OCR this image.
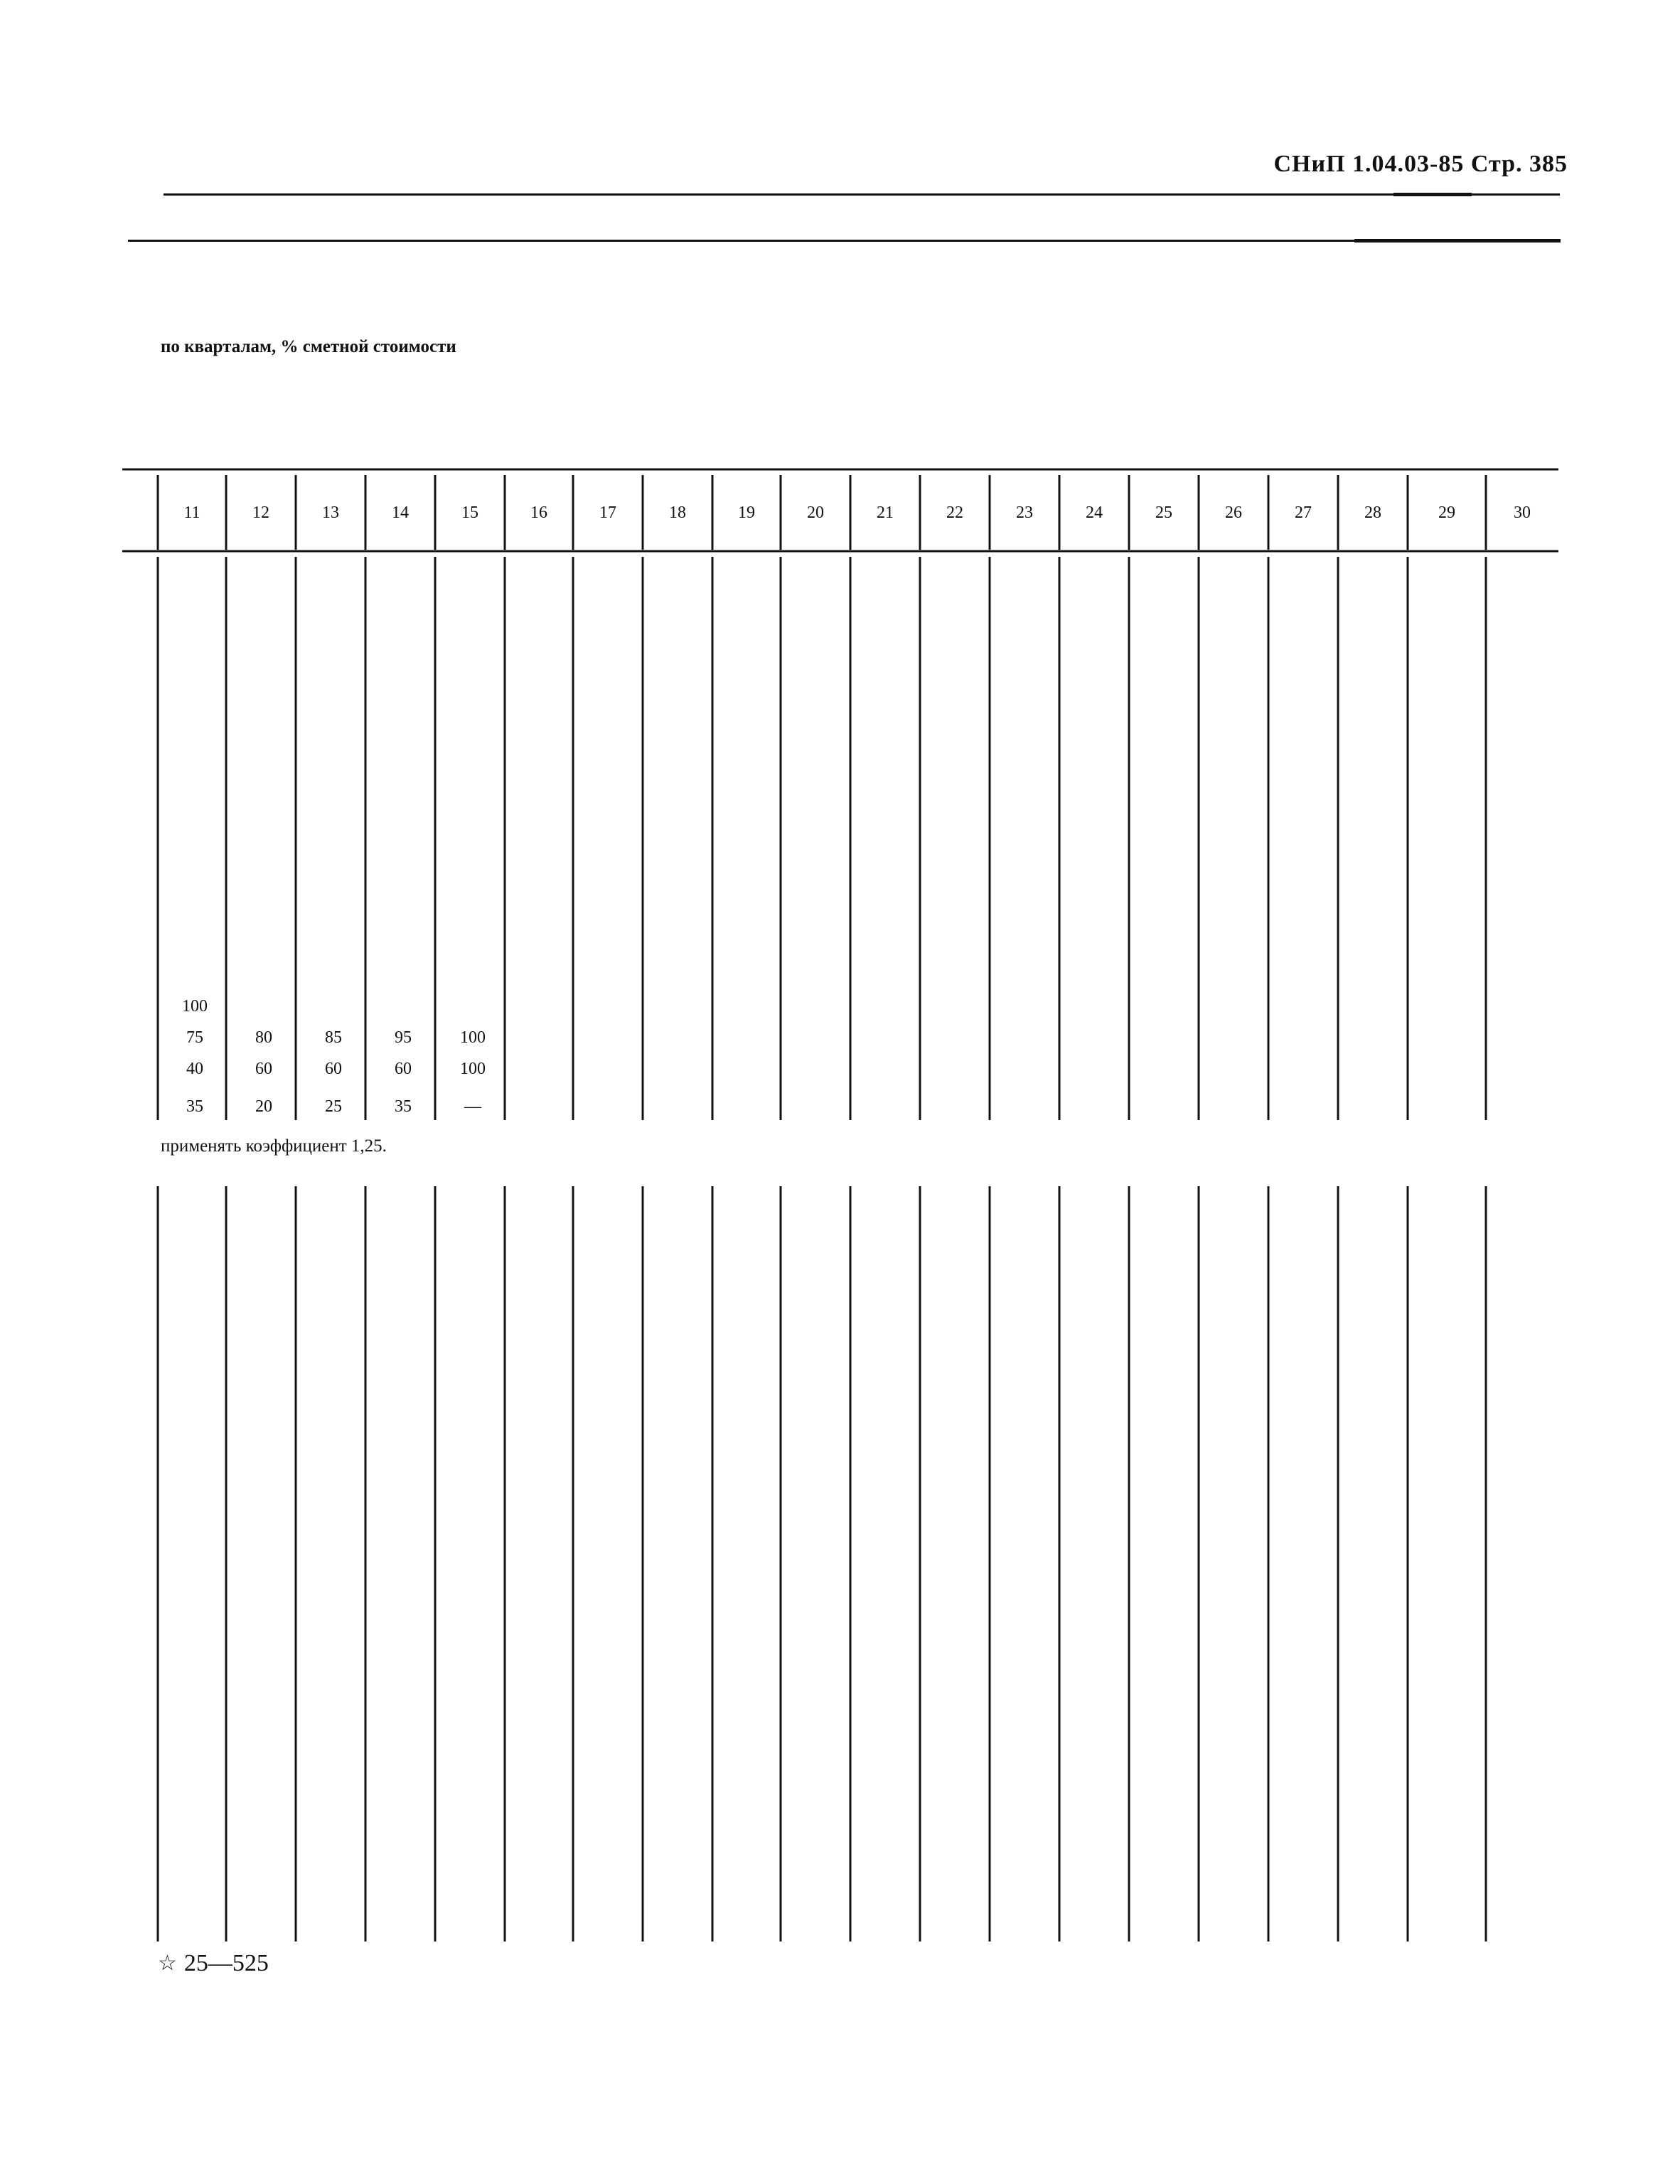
СНиП 1.04.03-85 Стр. 385
по кварталам, % сметной стоимости
11	12	13	14	15	16	17	18	19	20	21	22	23	24	25	26	27	28	29	30
100
75	80	85	95	100
40	60	60	60	100
35	20	25	35	—
применять коэффициент 1,25.
☆ 25—525
